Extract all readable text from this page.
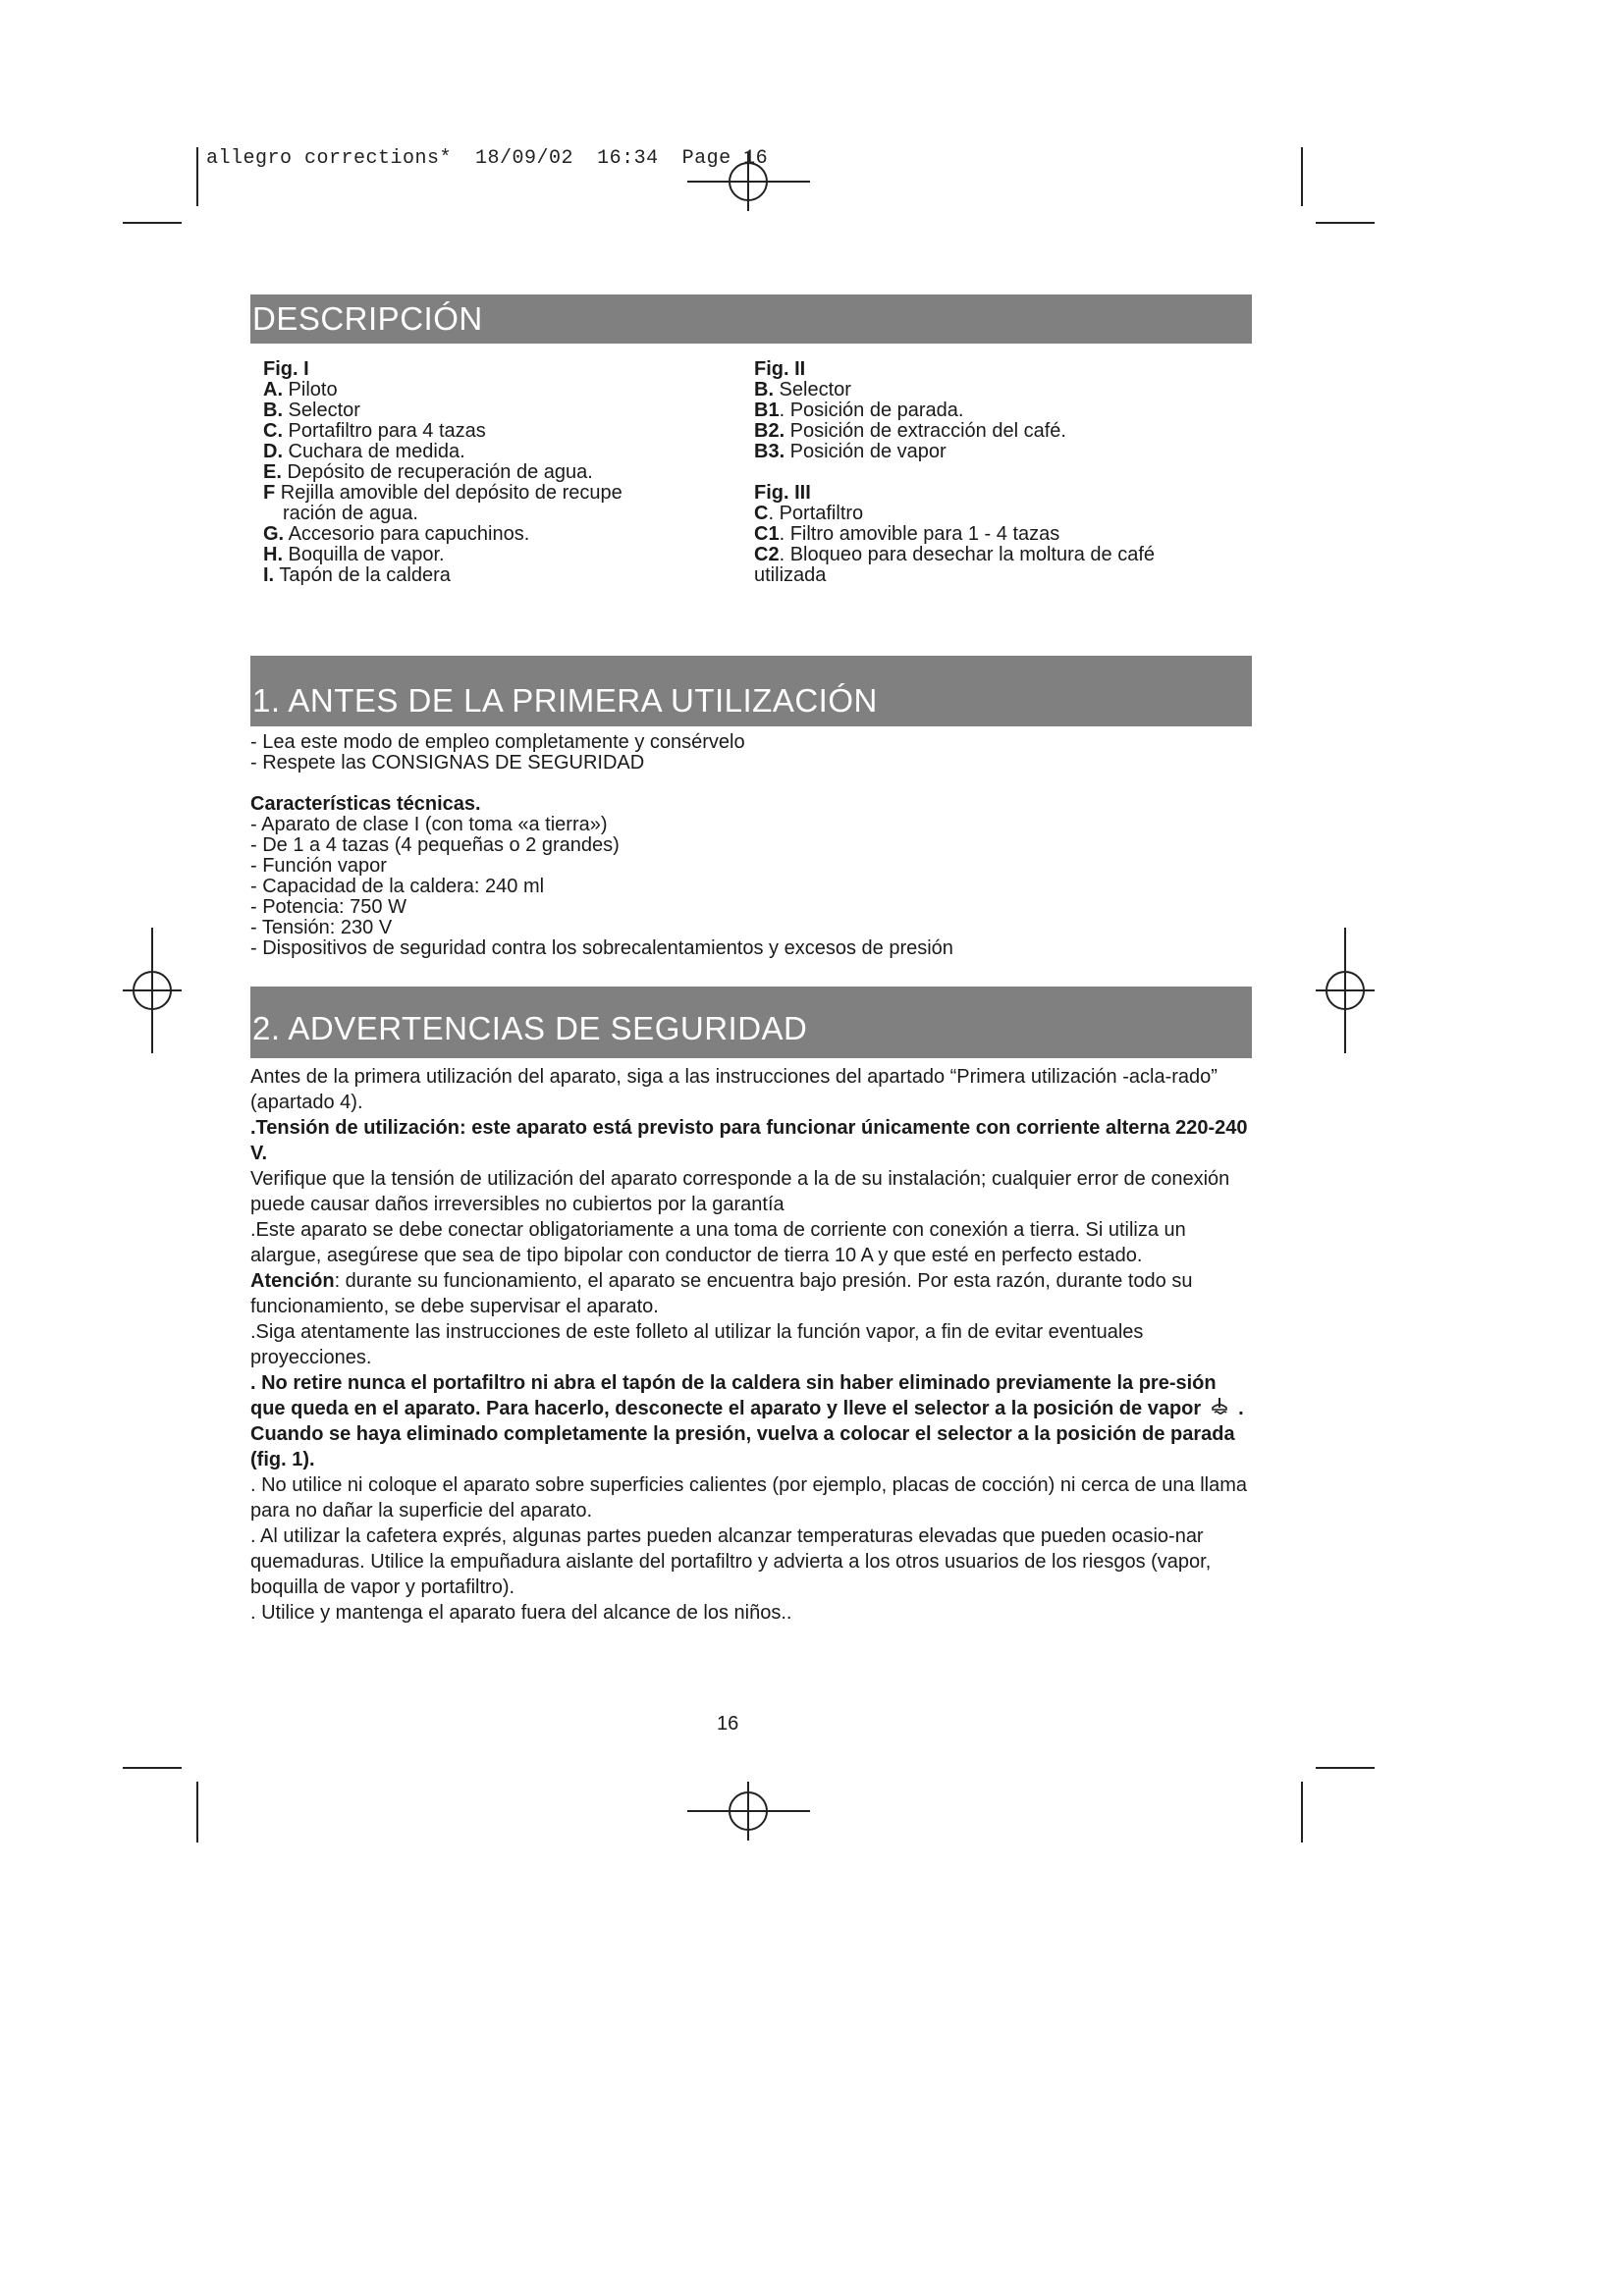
allegro corrections* 18/09/02 16:34 Page 16
DESCRIPCIÓN
Fig. I
A. Piloto
B. Selector
C. Portafiltro para 4 tazas
D. Cuchara de medida.
E. Depósito de recuperación de agua.
F Rejilla amovible del depósito de recupe
ración de agua.
G. Accesorio para capuchinos.
H. Boquilla de vapor.
I. Tapón de la caldera
Fig. II
B. Selector
B1. Posición de parada.
B2. Posición de extracción del café.
B3. Posición de vapor
Fig. III
C. Portafiltro
C1. Filtro amovible para 1 - 4 tazas
C2. Bloqueo para desechar la moltura de café
utilizada
1. ANTES DE LA PRIMERA UTILIZACIÓN
- Lea este modo de empleo completamente y consérvelo
- Respete las CONSIGNAS DE SEGURIDAD
Características técnicas.
- Aparato de clase I (con toma «a tierra»)
- De 1 a 4 tazas (4 pequeñas o 2 grandes)
- Función vapor
- Capacidad de la caldera: 240 ml
- Potencia: 750 W
- Tensión: 230 V
- Dispositivos de seguridad contra los sobrecalentamientos y excesos de presión
2. ADVERTENCIAS DE SEGURIDAD

Antes de la primera utilización del aparato, siga a las instrucciones del apartado “Primera utilización -acla-rado” (apartado 4).

.Tensión de utilización: este aparato está previsto para funcionar únicamente con corriente alterna 220-240 V.

Verifique que la tensión de utilización del aparato corresponde a la de su instalación; cualquier error de conexión puede causar daños irreversibles no cubiertos por la garantía

.Este aparato se debe conectar obligatoriamente a una toma de corriente con conexión a tierra. Si utiliza un alargue, asegúrese que sea de tipo bipolar con conductor de tierra 10 A y que esté en perfecto estado.

Atención: durante su funcionamiento, el aparato se encuentra bajo presión. Por esta razón, durante todo su funcionamiento, se debe supervisar el aparato.

.Siga atentamente las instrucciones de este folleto al utilizar la función vapor, a fin de evitar eventuales proyecciones.

. No retire nunca el portafiltro ni abra el tapón de la caldera sin haber eliminado previamente la pre-sión que queda en el aparato. Para hacerlo, desconecte el aparato y lleve el selector a la posición de vapor . Cuando se haya eliminado completamente la presión, vuelva a colocar el selector a la posición de parada (fig. 1).

. No utilice ni coloque el aparato sobre superficies calientes (por ejemplo, placas de cocción) ni cerca de una llama para no dañar la superficie del aparato.

. Al utilizar la cafetera exprés, algunas partes pueden alcanzar temperaturas elevadas que pueden ocasio-nar quemaduras. Utilice la empuñadura aislante del portafiltro y advierta a los otros usuarios de los riesgos (vapor, boquilla de vapor y portafiltro).

. Utilice y mantenga el aparato fuera del alcance de los niños..

16
